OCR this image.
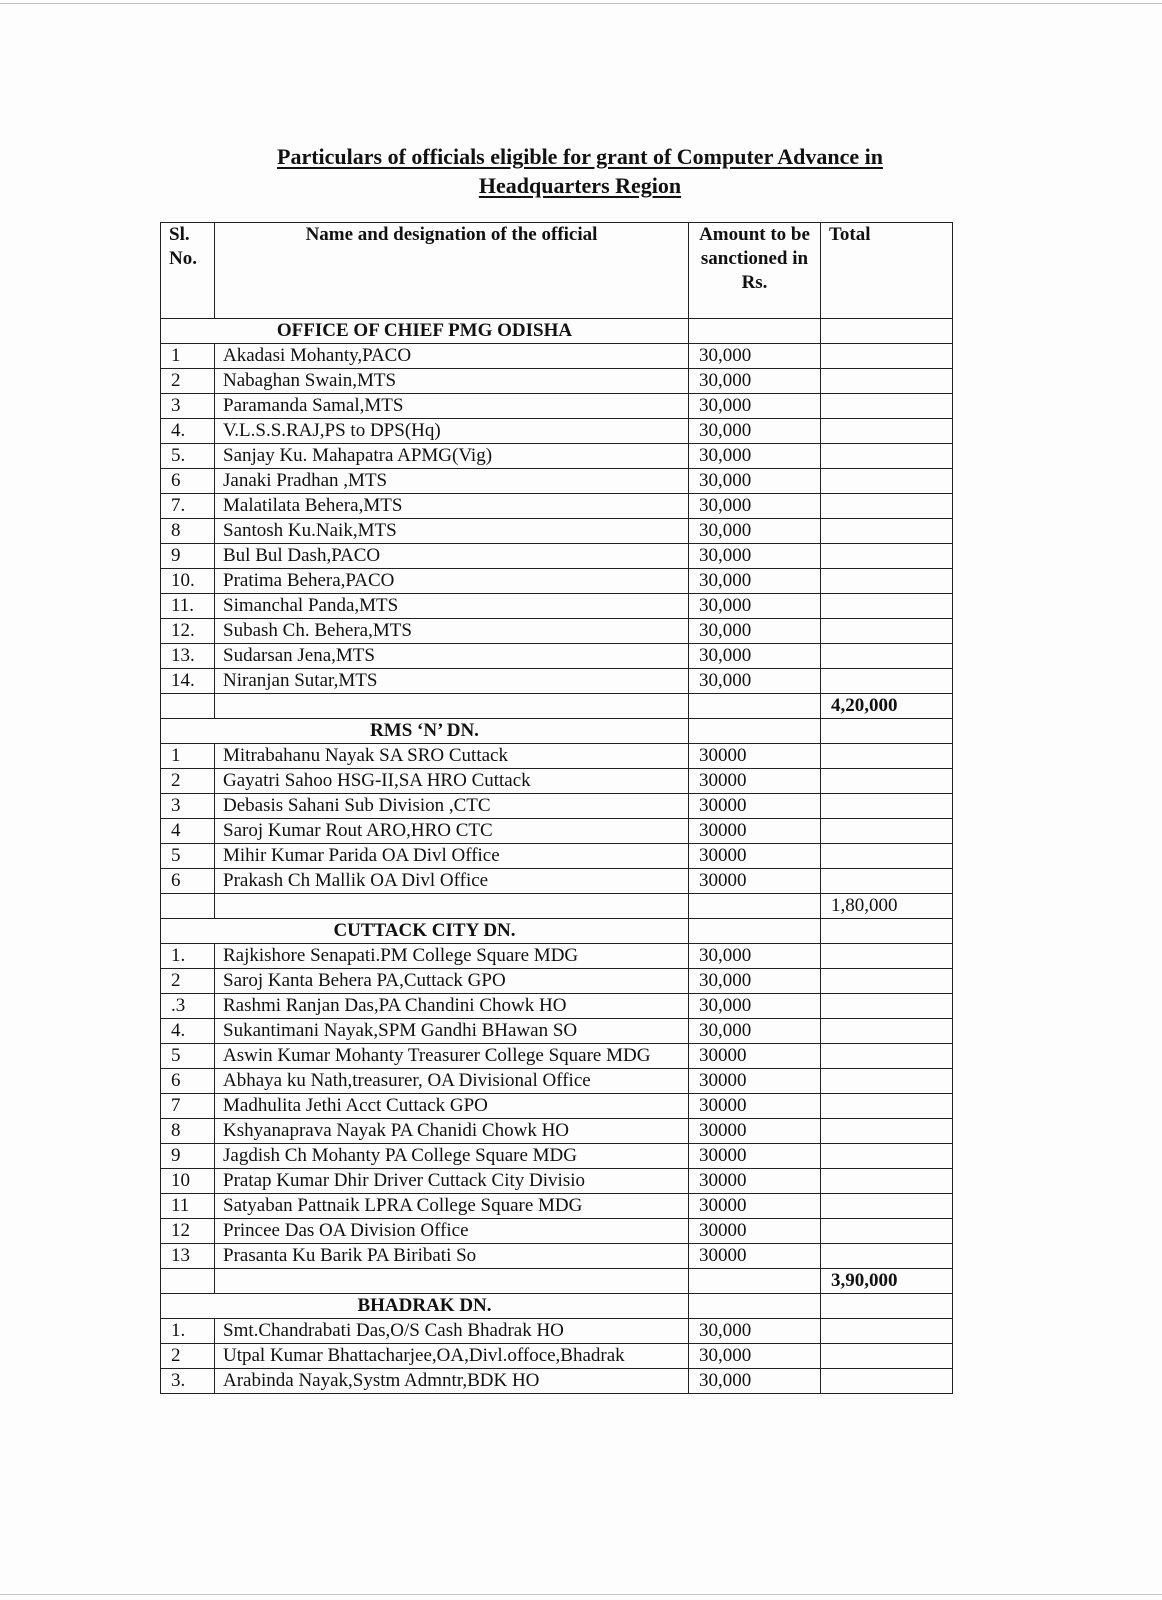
Particulars of officials eligible for grant of Computer Advance in
Headquarters Region
Sl. No.	Name and designation of the official	Amount to be sanctioned in Rs.	Total
OFFICE OF CHIEF PMG ODISHA			
1	Akadasi Mohanty,PACO	30,000	
2	Nabaghan Swain,MTS	30,000	
3	Paramanda Samal,MTS	30,000	
4.	V.L.S.S.RAJ,PS to DPS(Hq)	30,000	
5.	Sanjay Ku. Mahapatra APMG(Vig)	30,000	
6	Janaki Pradhan ,MTS	30,000	
7.	Malatilata Behera,MTS	30,000	
8	Santosh Ku.Naik,MTS	30,000	
9	Bul Bul Dash,PACO	30,000	
10.	Pratima Behera,PACO	30,000	
11.	Simanchal Panda,MTS	30,000	
12.	Subash Ch. Behera,MTS	30,000	
13.	Sudarsan Jena,MTS	30,000	
14.	Niranjan Sutar,MTS	30,000	
			4,20,000
RMS ‘N’ DN.			
1	Mitrabahanu Nayak SA SRO Cuttack	30000	
2	Gayatri Sahoo HSG-II,SA HRO Cuttack	30000	
3	Debasis Sahani Sub Division ,CTC	30000	
4	Saroj Kumar Rout ARO,HRO CTC	30000	
5	Mihir Kumar Parida OA Divl Office	30000	
6	Prakash Ch Mallik OA Divl Office	30000	
			1,80,000
CUTTACK CITY DN.			
1.	Rajkishore Senapati.PM College Square MDG	30,000	
2	Saroj Kanta Behera PA,Cuttack GPO	30,000	
.3	Rashmi Ranjan Das,PA Chandini Chowk HO	30,000	
4.	Sukantimani Nayak,SPM Gandhi BHawan SO	30,000	
5	Aswin Kumar Mohanty Treasurer College Square MDG	30000	
6	Abhaya ku Nath,treasurer, OA Divisional Office	30000	
7	Madhulita Jethi Acct Cuttack GPO	30000	
8	Kshyanaprava Nayak PA Chanidi Chowk HO	30000	
9	Jagdish Ch Mohanty PA College Square MDG	30000	
10	Pratap Kumar Dhir Driver Cuttack City Divisio	30000	
11	Satyaban Pattnaik LPRA College Square MDG	30000	
12	Princee Das OA Division Office	30000	
13	Prasanta Ku Barik PA Biribati So	30000	
			3,90,000
BHADRAK DN.			
1.	Smt.Chandrabati Das,O/S Cash Bhadrak HO	30,000	
2	Utpal Kumar Bhattacharjee,OA,Divl.offoce,Bhadrak	30,000	
3.	Arabinda Nayak,Systm Admntr,BDK HO	30,000	
